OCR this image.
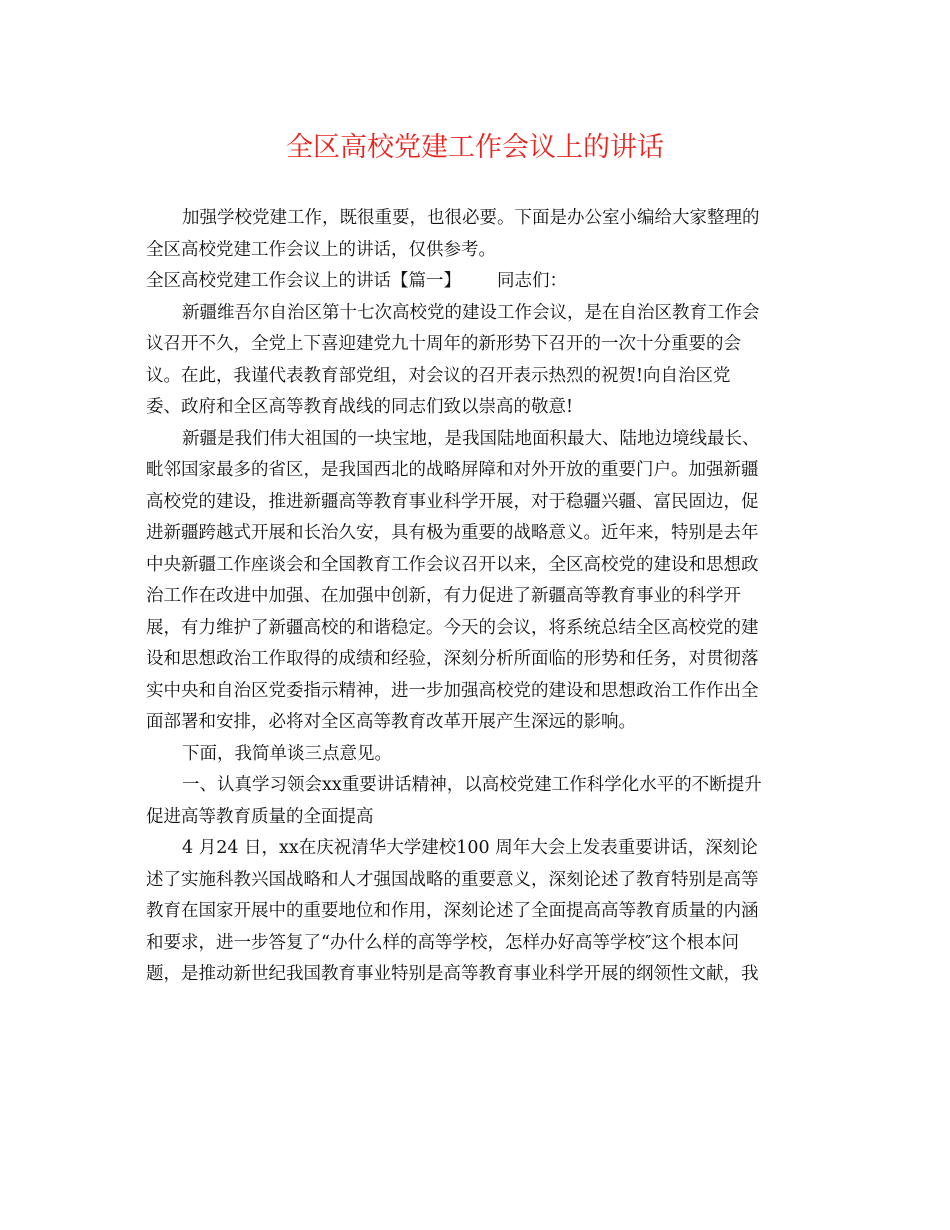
全区高校党建工作会议上的讲话

加强学校党建工作，既很重要，也很必要。下面是办公室小编给大家整理的

全区高校党建工作会议上的讲话，仅供参考。

全区高校党建工作会议上的讲话【篇一】 同志们：

新疆维吾尔自治区第十七次高校党的建设工作会议，是在自治区教育工作会

议召开不久，全党上下喜迎建党九十周年的新形势下召开的一次十分重要的会

议。在此，我谨代表教育部党组，对会议的召开表示热烈的祝贺!向自治区党

委、政府和全区高等教育战线的同志们致以崇高的敬意!

新疆是我们伟大祖国的一块宝地，是我国陆地面积最大、陆地边境线最长、

毗邻国家最多的省区，是我国西北的战略屏障和对外开放的重要门户。加强新疆

高校党的建设，推进新疆高等教育事业科学开展，对于稳疆兴疆、富民固边，促

进新疆跨越式开展和长治久安，具有极为重要的战略意义。近年来，特别是去年

中央新疆工作座谈会和全国教育工作会议召开以来，全区高校党的建设和思想政

治工作在改进中加强、在加强中创新，有力促进了新疆高等教育事业的科学开

展，有力维护了新疆高校的和谐稳定。今天的会议，将系统总结全区高校党的建

设和思想政治工作取得的成绩和经验，深刻分析所面临的形势和任务，对贯彻落

实中央和自治区党委指示精神，进一步加强高校党的建设和思想政治工作作出全

面部署和安排，必将对全区高等教育改革开展产生深远的影响。

下面，我简单谈三点意见。

一、认真学习领会xx重要讲话精神，以高校党建工作科学化水平的不断提升

促进高等教育质量的全面提高

4 月24 日，xx在庆祝清华大学建校100 周年大会上发表重要讲话，深刻论

述了实施科教兴国战略和人才强国战略的重要意义，深刻论述了教育特别是高等

教育在国家开展中的重要地位和作用，深刻论述了全面提高高等教育质量的内涵

和要求，进一步答复了“办什么样的高等学校，怎样办好高等学校″这个根本问

题，是推动新世纪我国教育事业特别是高等教育事业科学开展的纲领性文献，我
